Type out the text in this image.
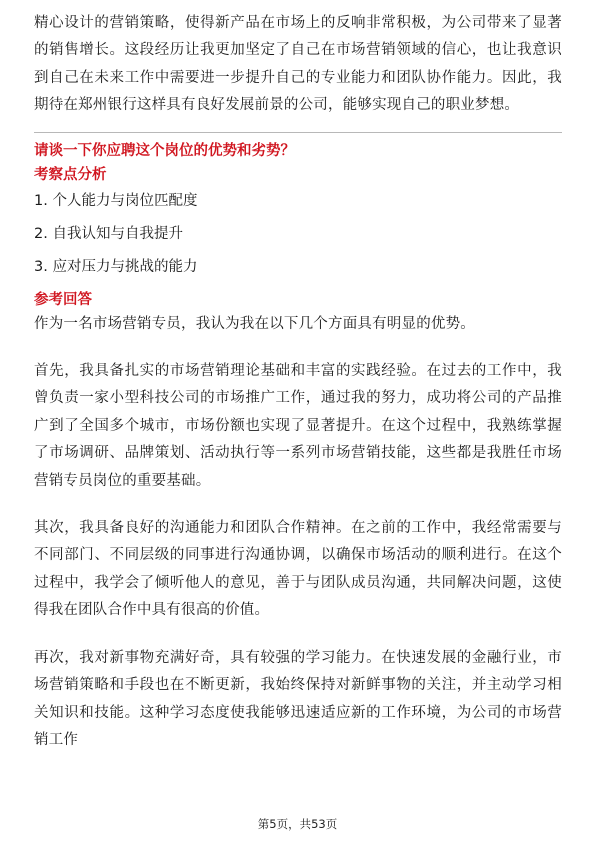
精心设计的营销策略，使得新产品在市场上的反响非常积极，为公司带来了显著的销售增长。这段经历让我更加坚定了自己在市场营销领域的信心，也让我意识到自己在未来工作中需要进一步提升自己的专业能力和团队协作能力。因此，我期待在郑州银行这样具有良好发展前景的公司，能够实现自己的职业梦想。

请谈一下你应聘这个岗位的优势和劣势？

考察点分析

1. 个人能力与岗位匹配度
2. 自我认知与自我提升
3. 应对压力与挑战的能力

参考回答

作为一名市场营销专员，我认为我在以下几个方面具有明显的优势。

首先，我具备扎实的市场营销理论基础和丰富的实践经验。在过去的工作中，我曾负责一家小型科技公司的市场推广工作，通过我的努力，成功将公司的产品推广到了全国多个城市，市场份额也实现了显著提升。在这个过程中，我熟练掌握了市场调研、品牌策划、活动执行等一系列市场营销技能，这些都是我胜任市场营销专员岗位的重要基础。

其次，我具备良好的沟通能力和团队合作精神。在之前的工作中，我经常需要与不同部门、不同层级的同事进行沟通协调，以确保市场活动的顺利进行。在这个过程中，我学会了倾听他人的意见，善于与团队成员沟通，共同解决问题，这使得我在团队合作中具有很高的价值。

再次，我对新事物充满好奇，具有较强的学习能力。在快速发展的金融行业，市场营销策略和手段也在不断更新，我始终保持对新鲜事物的关注，并主动学习相关知识和技能。这种学习态度使我能够迅速适应新的工作环境，为公司的市场营销工作

第5页，共53页
